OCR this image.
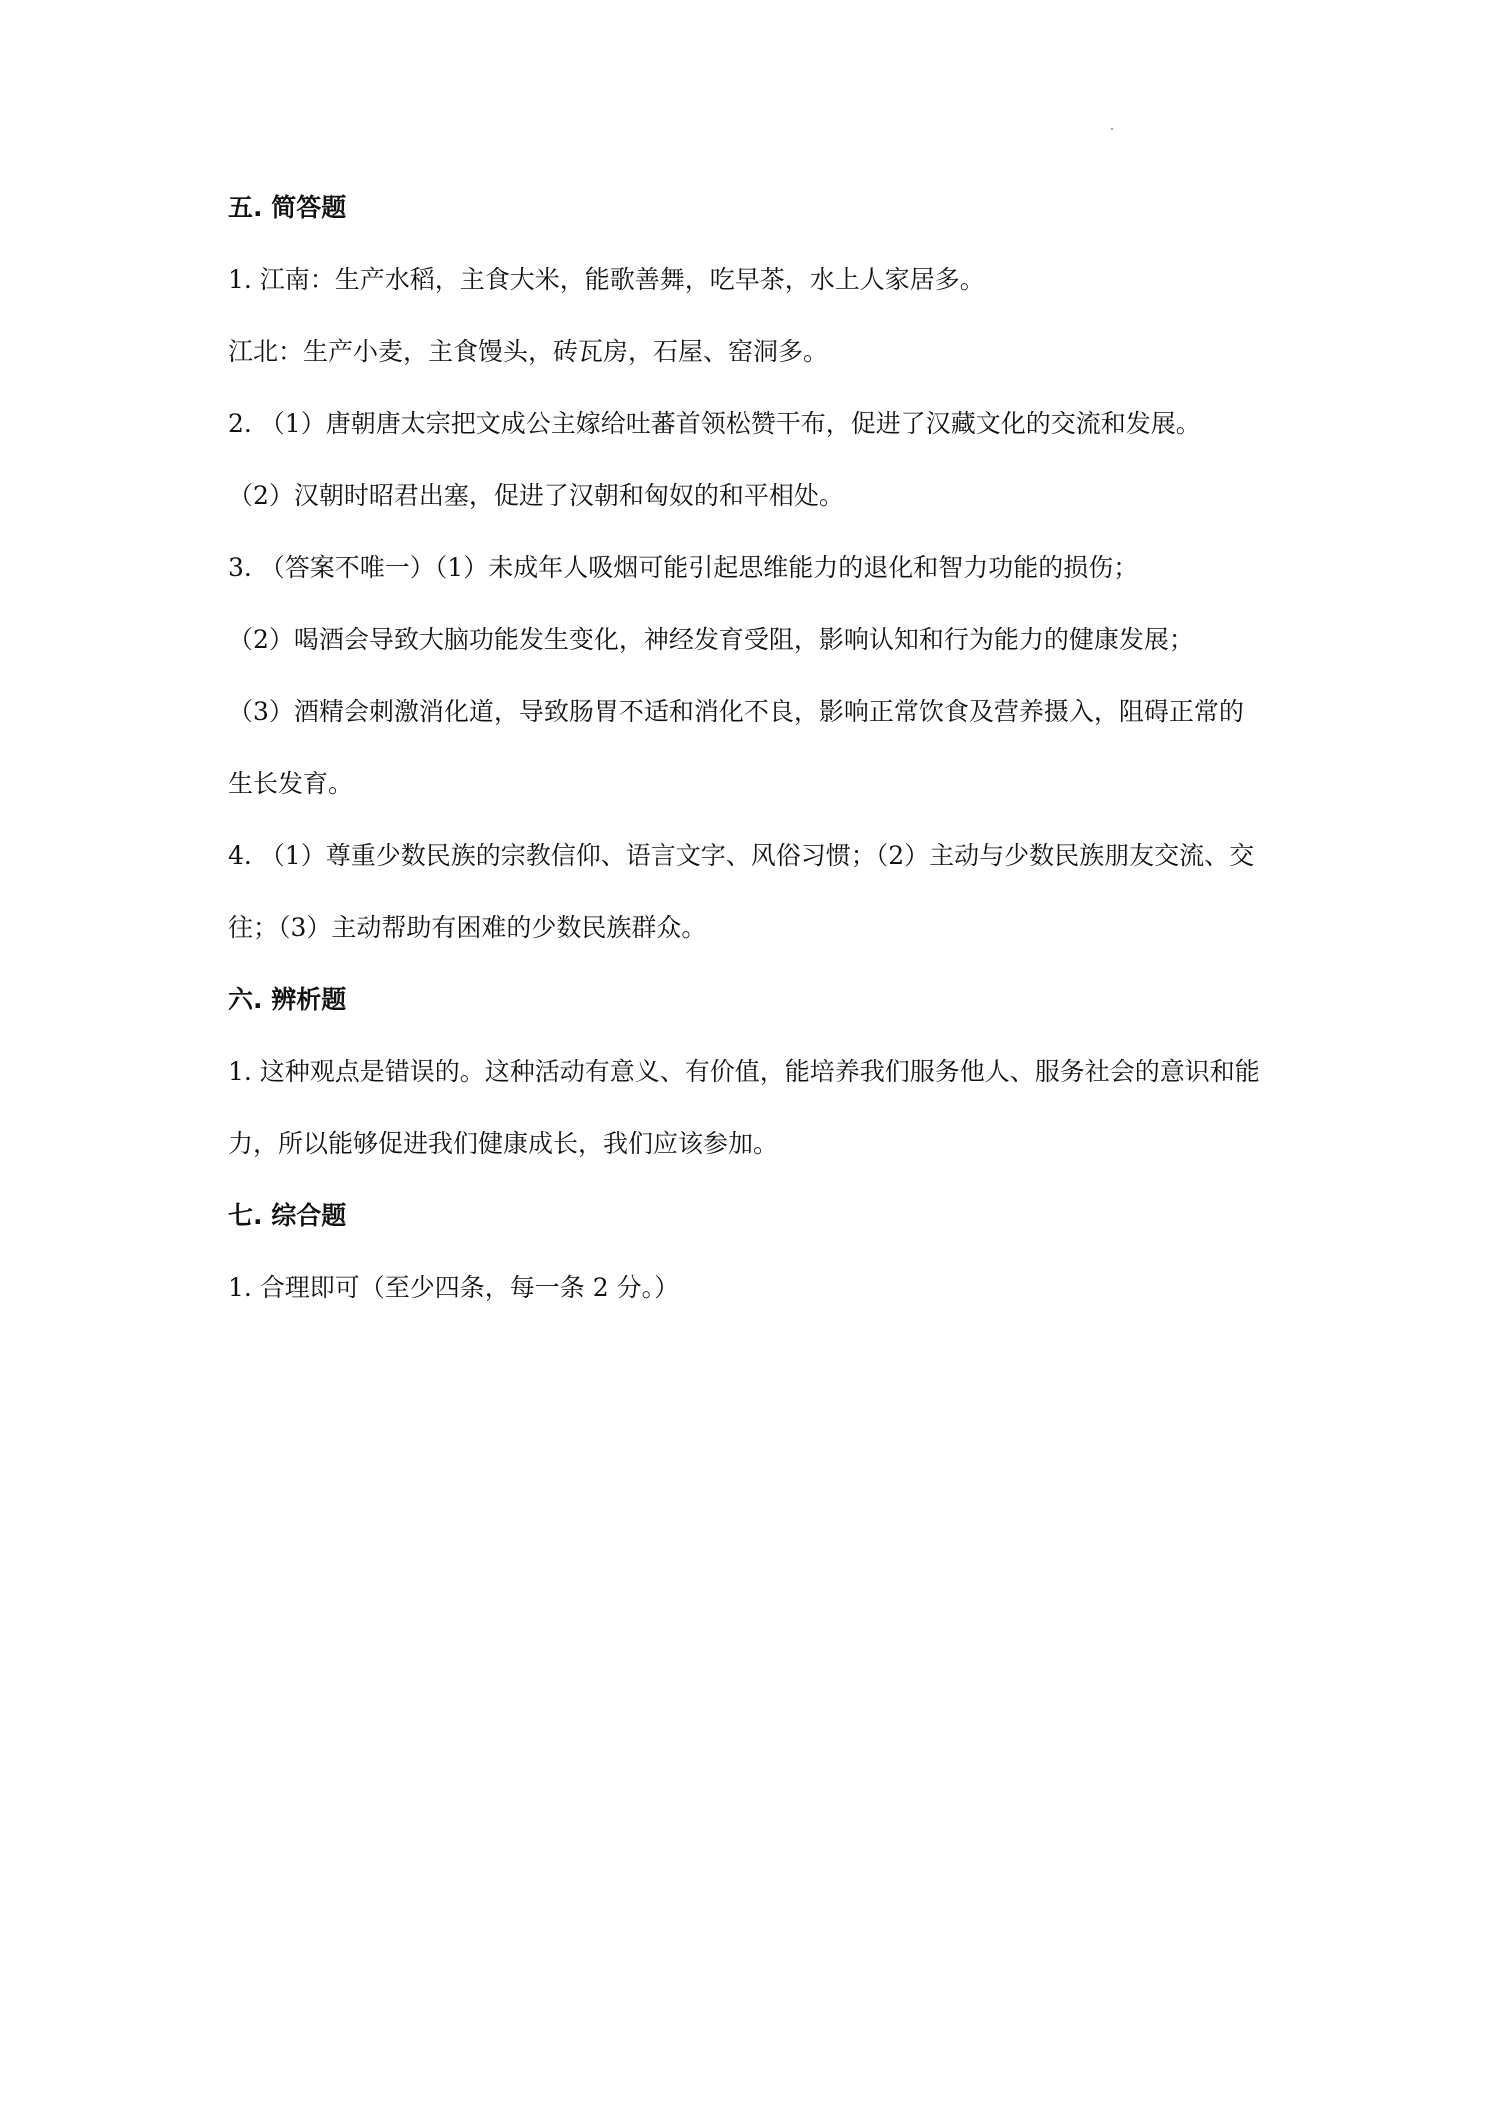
五. 简答题
1. 江南：生产水稻，主食大米，能歌善舞，吃早茶，水上人家居多。
江北：生产小麦，主食馒头，砖瓦房，石屋、窑洞多。
2. （1）唐朝唐太宗把文成公主嫁给吐蕃首领松赞干布，促进了汉藏文化的交流和发展。
（2）汉朝时昭君出塞，促进了汉朝和匈奴的和平相处。
3. （答案不唯一）（1）未成年人吸烟可能引起思维能力的退化和智力功能的损伤；
（2）喝酒会导致大脑功能发生变化，神经发育受阻，影响认知和行为能力的健康发展；
（3）酒精会刺激消化道，导致肠胃不适和消化不良，影响正常饮食及营养摄入，阻碍正常的生长发育。
4. （1）尊重少数民族的宗教信仰、语言文字、风俗习惯；（2）主动与少数民族朋友交流、交往；（3）主动帮助有困难的少数民族群众。
六. 辨析题
1. 这种观点是错误的。这种活动有意义、有价值，能培养我们服务他人、服务社会的意识和能力，所以能够促进我们健康成长，我们应该参加。
七. 综合题
1. 合理即可（至少四条，每一条 2 分。）
